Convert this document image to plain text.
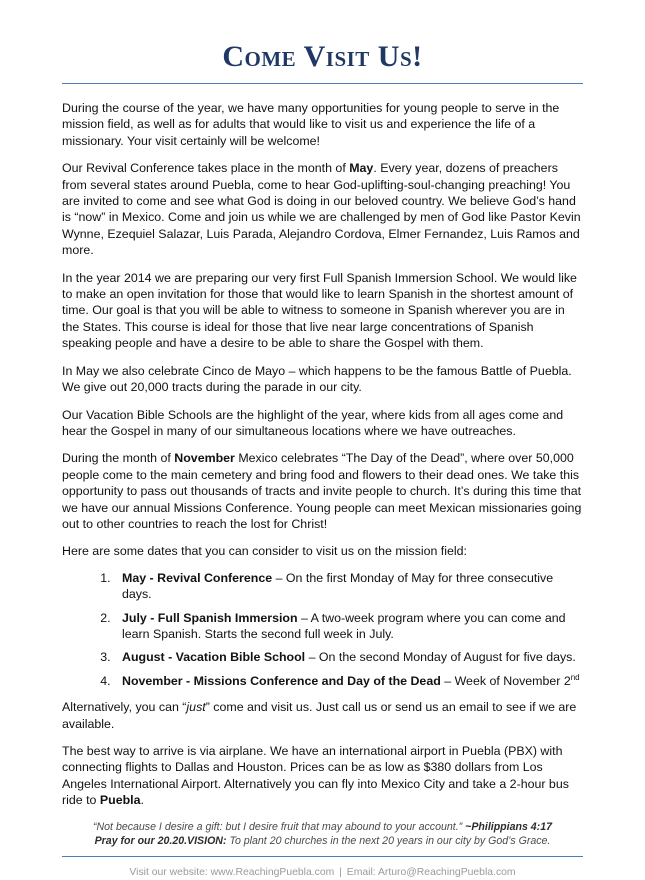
Come Visit Us!

During the course of the year, we have many opportunities for young people to serve in the mission field, as well as for adults that would like to visit us and experience the life of a missionary. Your visit certainly will be welcome!

Our Revival Conference takes place in the month of May. Every year, dozens of preachers from several states around Puebla, come to hear God-uplifting-soul-changing preaching! You are invited to come and see what God is doing in our beloved country. We believe God’s hand is “now” in Mexico. Come and join us while we are challenged by men of God like Pastor Kevin Wynne, Ezequiel Salazar, Luis Parada, Alejandro Cordova, Elmer Fernandez, Luis Ramos and more.

In the year 2014 we are preparing our very first Full Spanish Immersion School. We would like to make an open invitation for those that would like to learn Spanish in the shortest amount of time. Our goal is that you will be able to witness to someone in Spanish wherever you are in the States. This course is ideal for those that live near large concentrations of Spanish speaking people and have a desire to be able to share the Gospel with them.

In May we also celebrate Cinco de Mayo – which happens to be the famous Battle of Puebla. We give out 20,000 tracts during the parade in our city.

Our Vacation Bible Schools are the highlight of the year, where kids from all ages come and hear the Gospel in many of our simultaneous locations where we have outreaches.

During the month of November Mexico celebrates “The Day of the Dead”, where over 50,000 people come to the main cemetery and bring food and flowers to their dead ones. We take this opportunity to pass out thousands of tracts and invite people to church. It’s during this time that we have our annual Missions Conference. Young people can meet Mexican missionaries going out to other countries to reach the lost for Christ!

Here are some dates that you can consider to visit us on the mission field:

1. May - Revival Conference – On the first Monday of May for three consecutive days.
2. July - Full Spanish Immersion – A two-week program where you can come and learn Spanish. Starts the second full week in July.
3. August - Vacation Bible School – On the second Monday of August for five days.
4. November - Missions Conference and Day of the Dead – Week of November 2nd

Alternatively, you can “just” come and visit us. Just call us or send us an email to see if we are available.

The best way to arrive is via airplane. We have an international airport in Puebla (PBX) with connecting flights to Dallas and Houston. Prices can be as low as $380 dollars from Los Angeles International Airport. Alternatively you can fly into Mexico City and take a 2-hour bus ride to Puebla.

“Not because I desire a gift: but I desire fruit that may abound to your account.” ~Philippians 4:17
Pray for our 20.20.VISION: To plant 20 churches in the next 20 years in our city by God’s Grace.
Visit our website: www.ReachingPuebla.com | Email: Arturo@ReachingPuebla.com
